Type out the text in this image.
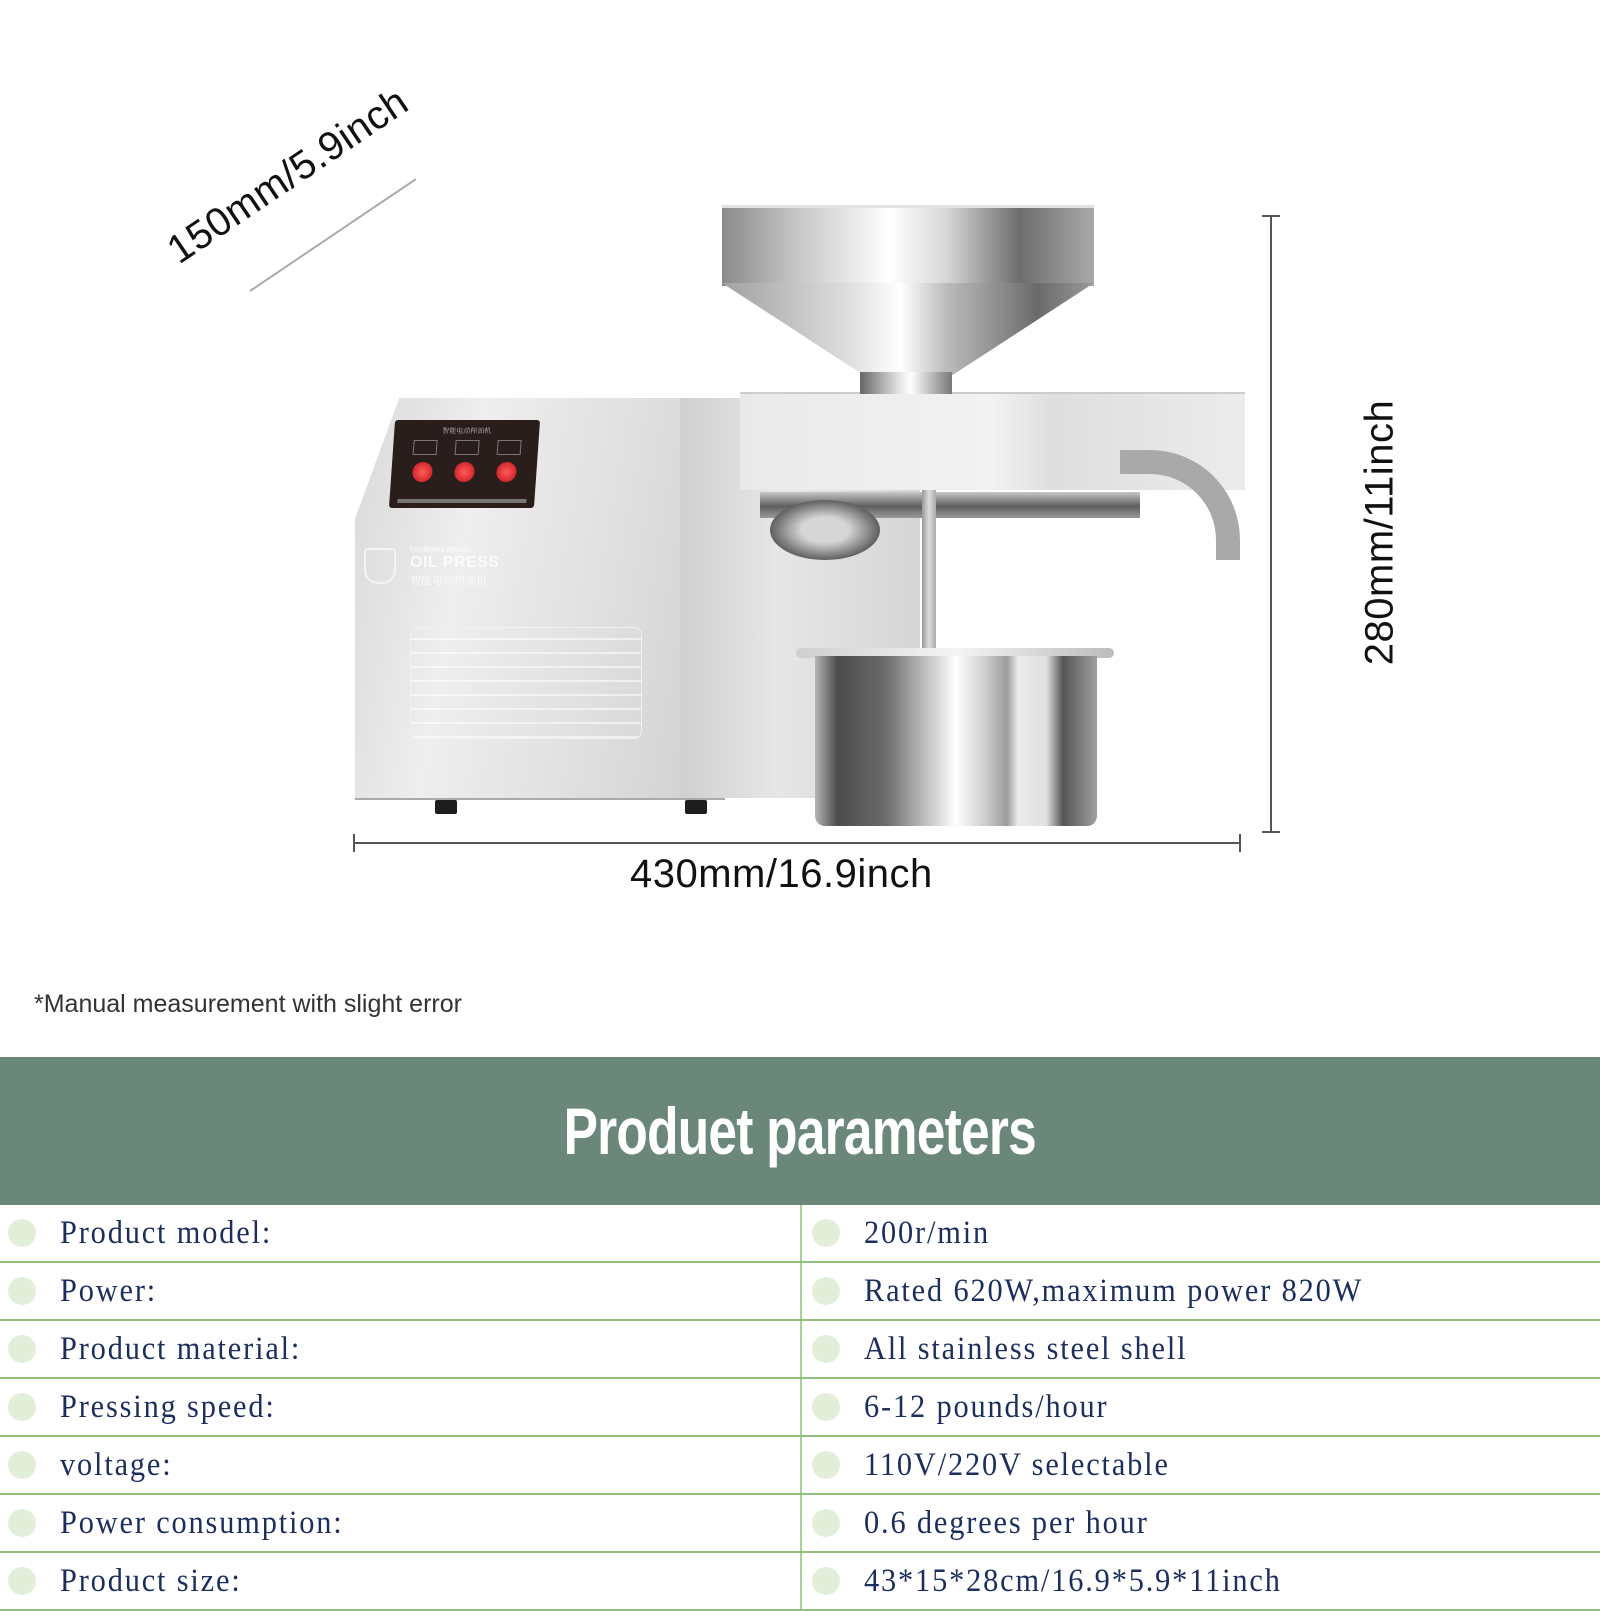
150mm/5.9inch
280mm/11inch
430mm/16.9inch
智能电动榨油机
Intelligent electric
OIL PRESS
智能电动榨油机
*Manual measurement with slight error
Produet parameters
Product model:	200r/min
Power:	Rated 620W,maximum power 820W
Product material:	All stainless steel shell
Pressing speed:	6-12 pounds/hour
voltage:	110V/220V selectable
Power consumption:	0.6 degrees per hour
Product size:	43*15*28cm/16.9*5.9*11inch
